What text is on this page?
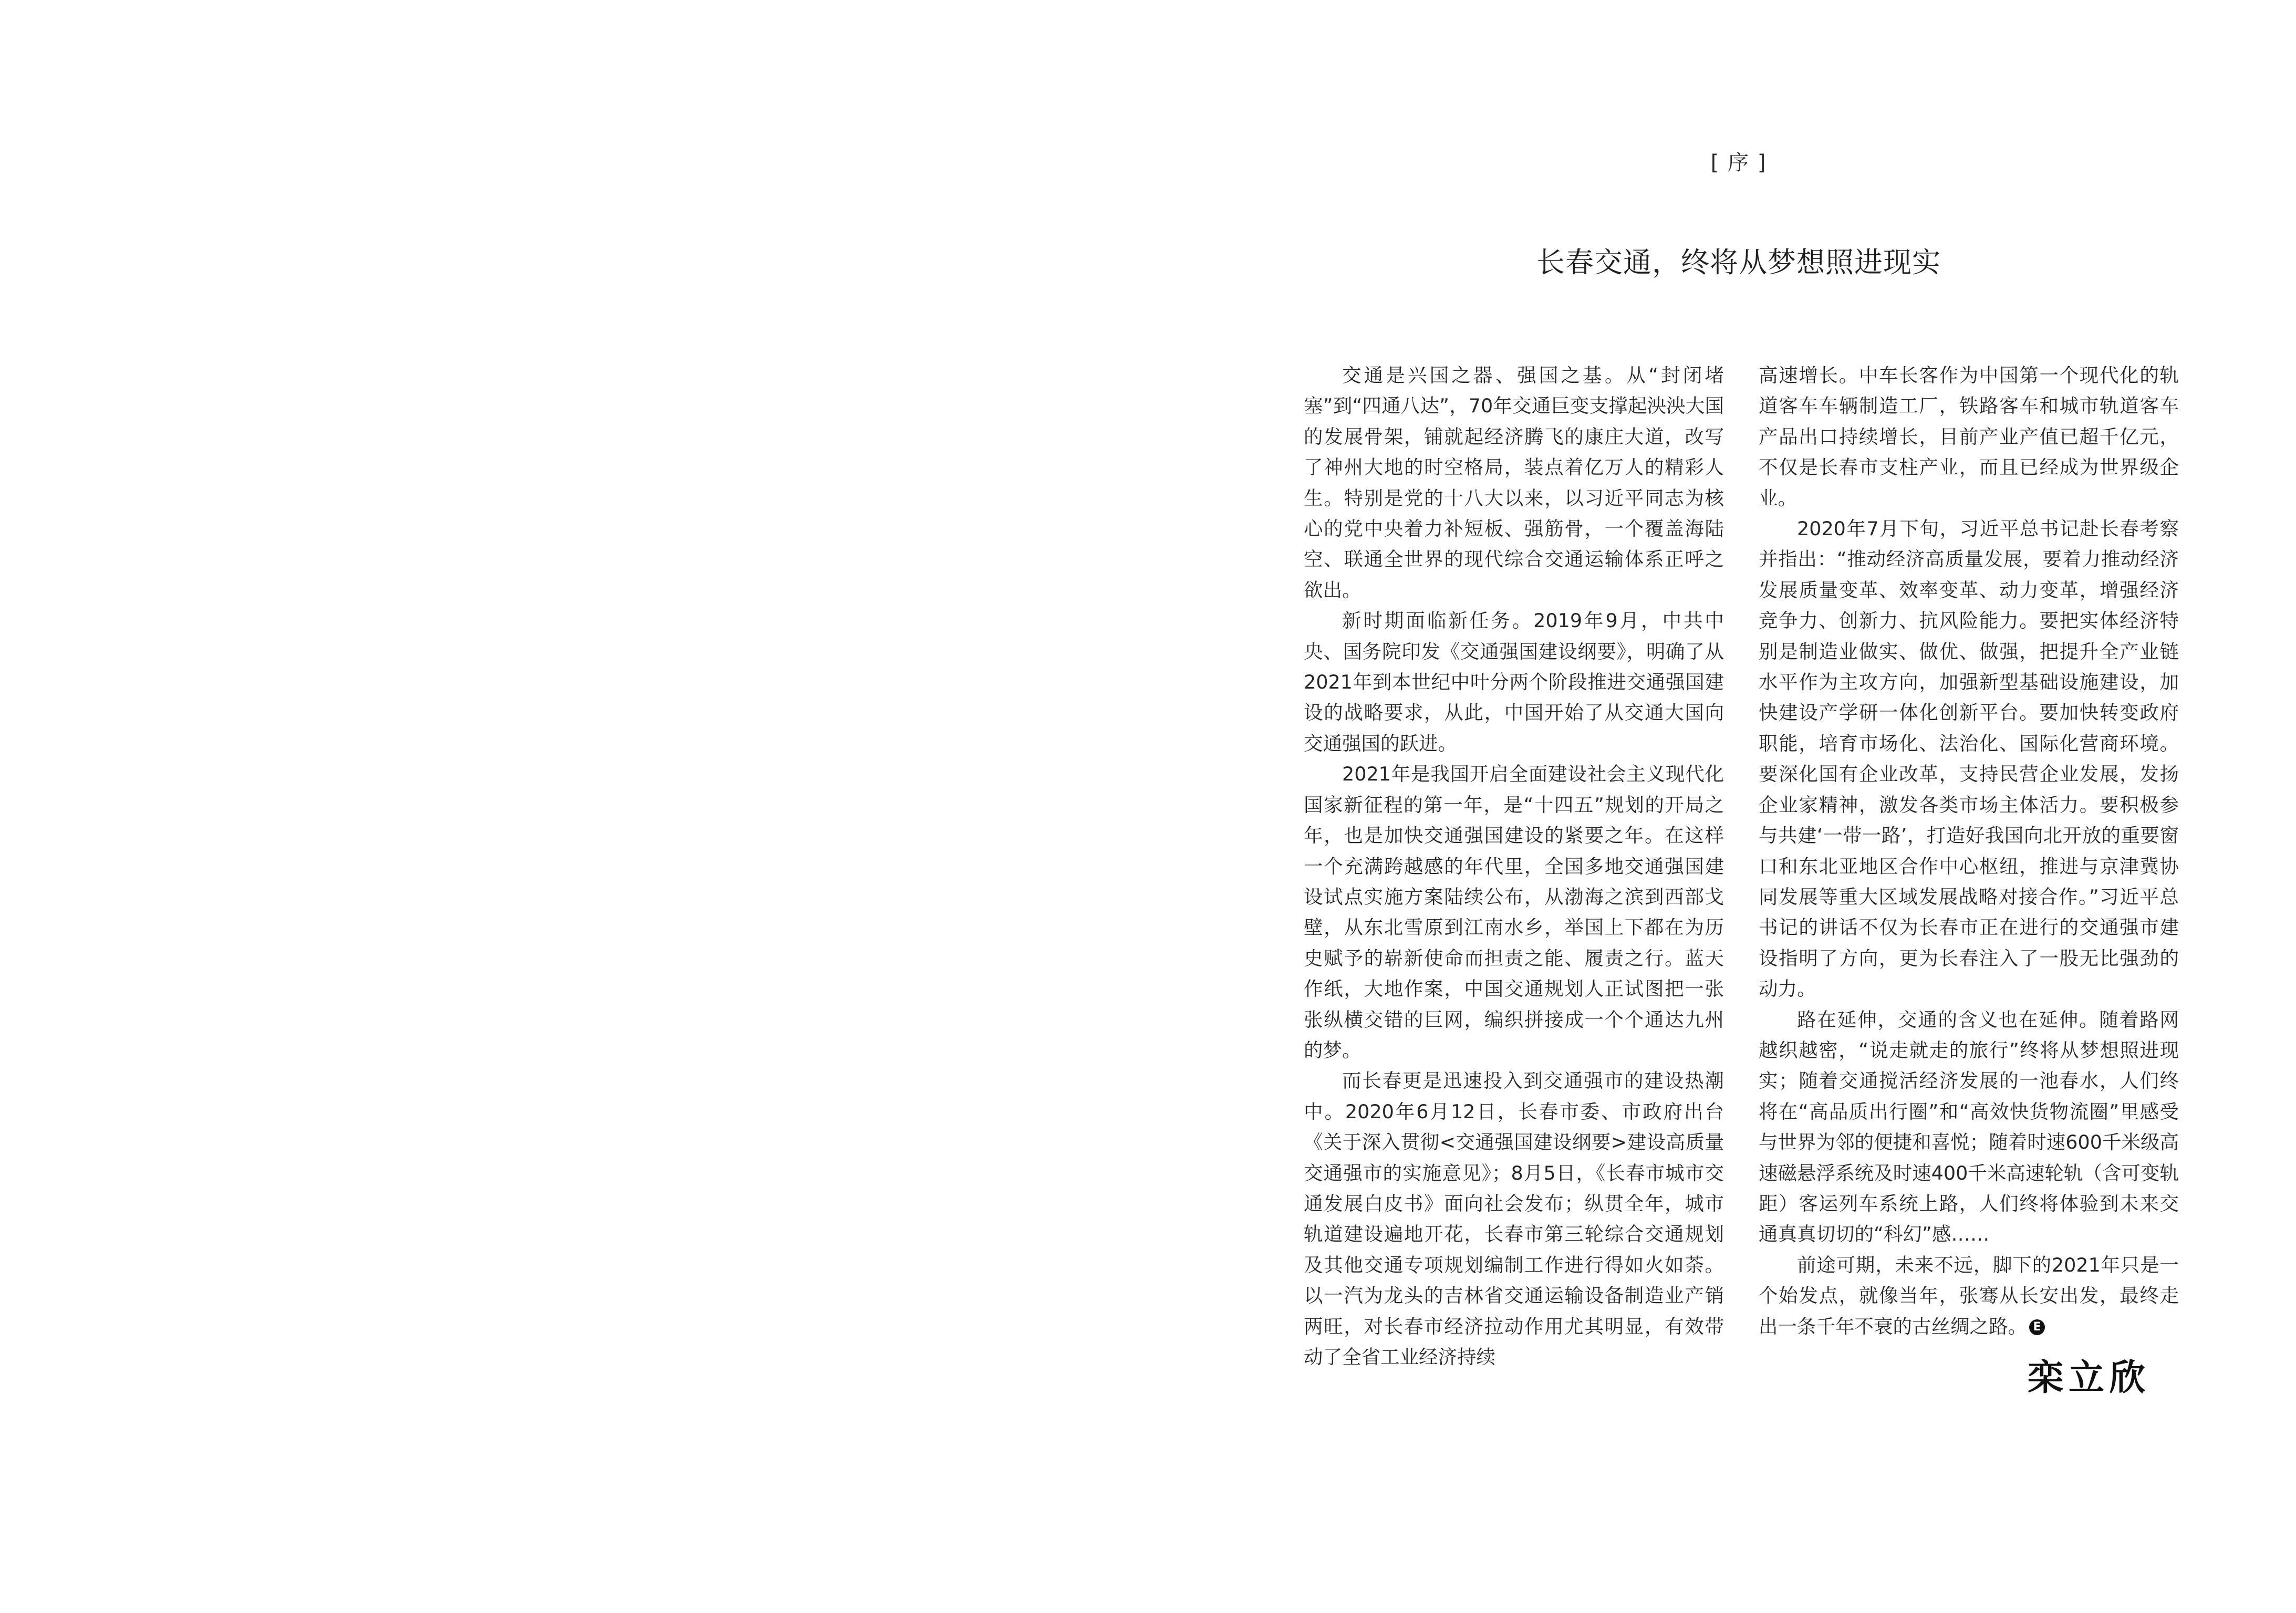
[ 序 ]
长春交通，终将从梦想照进现实

交通是兴国之器、强国之基。从“封闭堵塞”到“四通八达”，70年交通巨变支撑起泱泱大国的发展骨架，铺就起经济腾飞的康庄大道，改写了神州大地的时空格局，装点着亿万人的精彩人生。特别是党的十八大以来，以习近平同志为核心的党中央着力补短板、强筋骨，一个覆盖海陆空、联通全世界的现代综合交通运输体系正呼之欲出。

新时期面临新任务。2019年9月，中共中央、国务院印发《交通强国建设纲要》，明确了从2021年到本世纪中叶分两个阶段推进交通强国建设的战略要求，从此，中国开始了从交通大国向交通强国的跃进。

2021年是我国开启全面建设社会主义现代化国家新征程的第一年，是“十四五”规划的开局之年，也是加快交通强国建设的紧要之年。在这样一个充满跨越感的年代里，全国多地交通强国建设试点实施方案陆续公布，从渤海之滨到西部戈壁，从东北雪原到江南水乡，举国上下都在为历史赋予的崭新使命而担责之能、履责之行。蓝天作纸，大地作案，中国交通规划人正试图把一张张纵横交错的巨网，编织拼接成一个个通达九州的梦。

而长春更是迅速投入到交通强市的建设热潮中。2020年6月12日，长春市委、市政府出台《关于深入贯彻<交通强国建设纲要>建设高质量交通强市的实施意见》；8月5日，《长春市城市交通发展白皮书》面向社会发布；纵贯全年，城市轨道建设遍地开花，长春市第三轮综合交通规划及其他交通专项规划编制工作进行得如火如荼。以一汽为龙头的吉林省交通运输设备制造业产销两旺，对长春市经济拉动作用尤其明显，有效带动了全省工业经济持续

高速增长。中车长客作为中国第一个现代化的轨道客车车辆制造工厂，铁路客车和城市轨道客车产品出口持续增长，目前产业产值已超千亿元，不仅是长春市支柱产业，而且已经成为世界级企业。

2020年7月下旬，习近平总书记赴长春考察并指出：“推动经济高质量发展，要着力推动经济发展质量变革、效率变革、动力变革，增强经济竞争力、创新力、抗风险能力。要把实体经济特别是制造业做实、做优、做强，把提升全产业链水平作为主攻方向，加强新型基础设施建设，加快建设产学研一体化创新平台。要加快转变政府职能，培育市场化、法治化、国际化营商环境。要深化国有企业改革，支持民营企业发展，发扬企业家精神，激发各类市场主体活力。要积极参与共建‘一带一路’，打造好我国向北开放的重要窗口和东北亚地区合作中心枢纽，推进与京津冀协同发展等重大区域发展战略对接合作。”习近平总书记的讲话不仅为长春市正在进行的交通强市建设指明了方向，更为长春注入了一股无比强劲的动力。

路在延伸，交通的含义也在延伸。随着路网越织越密，“说走就走的旅行”终将从梦想照进现实；随着交通搅活经济发展的一池春水，人们终将在“高品质出行圈”和“高效快货物流圈”里感受与世界为邻的便捷和喜悦；随着时速600千米级高速磁悬浮系统及时速400千米高速轮轨（含可变轨距）客运列车系统上路，人们终将体验到未来交通真真切切的“科幻”感……

前途可期，未来不远，脚下的2021年只是一个始发点，就像当年，张骞从长安出发，最终走出一条千年不衰的古丝绸之路。 E

栾立欣
